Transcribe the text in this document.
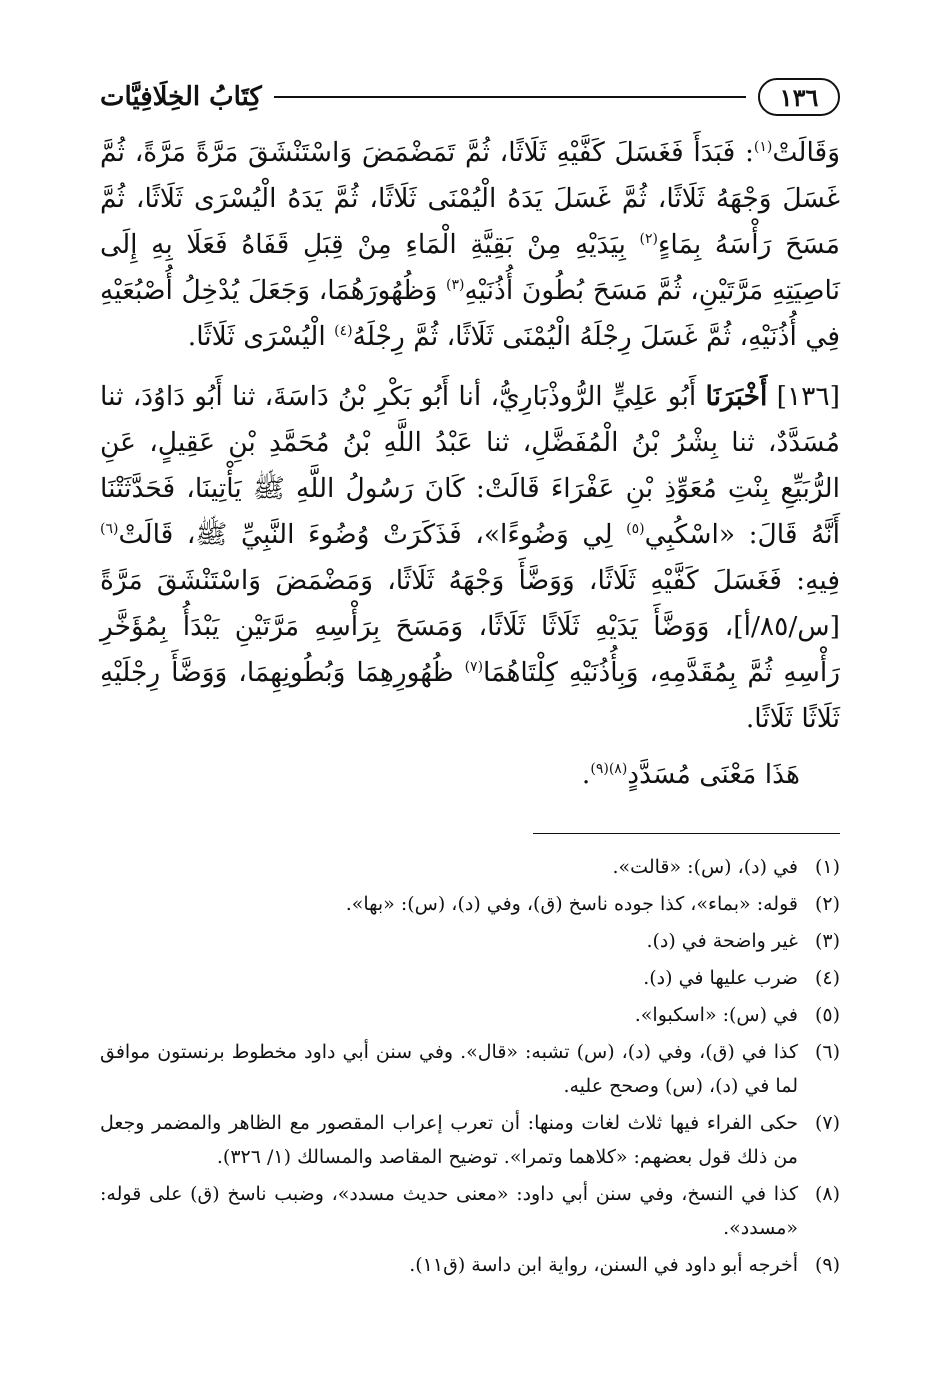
١٣٦
كِتَابُ الخِلَافِيَّات

وَقَالَتْ$^{(١)}$: فَبَدَأَ فَغَسَلَ كَفَّيْهِ ثَلَاثًا، ثُمَّ تَمَضْمَضَ وَاسْتَنْشَقَ مَرَّةً مَرَّةً، ثُمَّ غَسَلَ وَجْهَهُ ثَلَاثًا، ثُمَّ غَسَلَ يَدَهُ الْيُمْنَى ثَلَاثًا، ثُمَّ يَدَهُ الْيُسْرَى ثَلَاثًا، ثُمَّ مَسَحَ رَأْسَهُ بِمَاءٍ$^{(٢)}$ بِيَدَيْهِ مِنْ بَقِيَّةِ الْمَاءِ مِنْ قِبَلِ قَفَاهُ فَعَلَا بِهِ إِلَى نَاصِيَتِهِ مَرَّتَيْنِ، ثُمَّ مَسَحَ بُطُونَ أُذُنَيْهِ$^{(٣)}$ وَظُهُورَهُمَا، وَجَعَلَ يُدْخِلُ أُصْبُعَيْهِ فِي أُذُنَيْهِ، ثُمَّ غَسَلَ رِجْلَهُ الْيُمْنَى ثَلَاثًا، ثُمَّ رِجْلَهُ$^{(٤)}$ الْيُسْرَى ثَلَاثًا.

[١٣٦] أَخْبَرَنَا أَبُو عَلِيٍّ الرُّوذْبَارِيُّ، أنا أَبُو بَكْرِ بْنُ دَاسَةَ، ثنا أَبُو دَاوُدَ، ثنا مُسَدَّدٌ، ثنا بِشْرُ بْنُ الْمُفَضَّلِ، ثنا عَبْدُ اللَّهِ بْنُ مُحَمَّدِ بْنِ عَقِيلٍ، عَنِ الرُّبَيِّعِ بِنْتِ مُعَوِّذِ بْنِ عَفْرَاءَ قَالَتْ: كَانَ رَسُولُ اللَّهِ ﷺ يَأْتِينَا، فَحَدَّثَتْنَا أَنَّهُ قَالَ: «اسْكُبِي$^{(٥)}$ لِي وَضُوءًا»، فَذَكَرَتْ وُضُوءَ النَّبِيِّ ﷺ، قَالَتْ$^{(٦)}$ فِيهِ: فَغَسَلَ كَفَّيْهِ ثَلَاثًا، وَوَضَّأَ وَجْهَهُ ثَلَاثًا، وَمَضْمَضَ وَاسْتَنْشَقَ مَرَّةً [س/٨٥/أ]، وَوَضَّأَ يَدَيْهِ ثَلَاثًا ثَلَاثًا، وَمَسَحَ بِرَأْسِهِ مَرَّتَيْنِ يَبْدَأُ بِمُؤَخَّرِ رَأْسِهِ ثُمَّ بِمُقَدَّمِهِ، وَبِأُذُنَيْهِ كِلْتَاهُمَا$^{(٧)}$ ظُهُورِهِمَا وَبُطُونِهِمَا، وَوَضَّأَ رِجْلَيْهِ ثَلَاثًا ثَلَاثًا.

هَذَا مَعْنَى مُسَدَّدٍ$^{(٨)(٩)}$.

(١)
في (د)، (س): «قالت».
(٢)
قوله: «بماء»، كذا جوده ناسخ (ق)، وفي (د)، (س): «بها».
(٣)
غير واضحة في (د).
(٤)
ضرب عليها في (د).
(٥)
في (س): «اسكبوا».
(٦)
كذا في (ق)، وفي (د)، (س) تشبه: «قال». وفي سنن أبي داود مخطوط برنستون موافق لما في (د)، (س) وصحح عليه.
(٧)
حكى الفراء فيها ثلاث لغات ومنها: أن تعرب إعراب المقصور مع الظاهر والمضمر وجعل من ذلك قول بعضهم: «كلاهما وتمرا». توضيح المقاصد والمسالك (١/ ٣٢٦).
(٨)
كذا في النسخ، وفي سنن أبي داود: «معنى حديث مسدد»، وضبب ناسخ (ق) على قوله: «مسدد».
(٩)
أخرجه أبو داود في السنن، رواية ابن داسة (ق١١).
